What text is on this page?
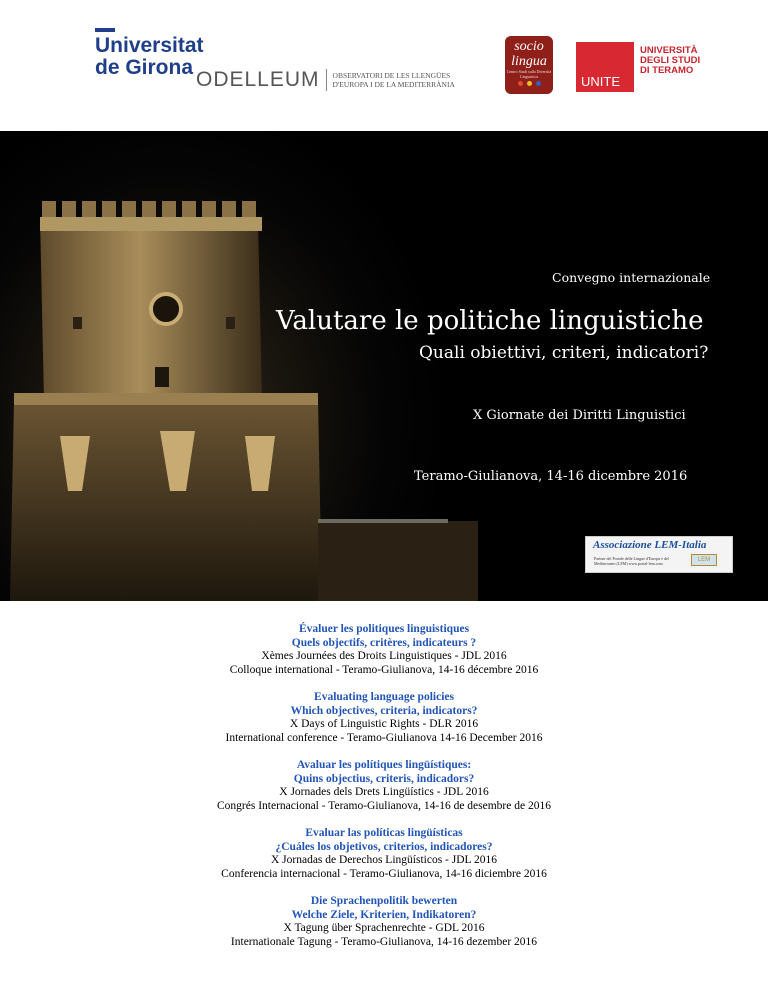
Universitat
de Girona
ODELLEUM OBSERVATORI DE LES LLENGÜES
D'EUROPA I DE LA MEDITERRÀNIA
socio
lingua
Centro Studi sulla Diversità Linguistica	UNITE
UNIVERSITÀ
DEGLI STUDI
DI TERAMO
Convegno internazionale
Valutare le politiche linguistiche
Quali obiettivi, criteri, indicatori?
X Giornate dei Diritti Linguistici
Teramo-Giulianova, 14-16 dicembre 2016
Associazione LEM-Italia
Partner del Portale delle Lingue d'Europa e del Mediterraneo (LEM) www.portal-lem.com
LEM
Évaluer les politiques linguistiques
Quels objectifs, critères, indicateurs ?
Xèmes Journées des Droits Linguistiques - JDL 2016
Colloque international - Teramo-Giulianova, 14-16 décembre 2016
Evaluating language policies
Which objectives, criteria, indicators?
X Days of Linguistic Rights - DLR 2016
International conference - Teramo-Giulianova 14-16 December 2016
Avaluar les polítiques lingüístiques:
Quins objectius, criteris, indicadors?
X Jornades dels Drets Lingüístics - JDL 2016
Congrés Internacional - Teramo-Giulianova, 14-16 de desembre de 2016
Evaluar las políticas lingüísticas
¿Cuáles los objetivos, criterios, indicadores?
X Jornadas de Derechos Lingüísticos - JDL 2016
Conferencia internacional - Teramo-Giulianova, 14-16 diciembre 2016
Die Sprachenpolitik bewerten
Welche Ziele, Kriterien, Indikatoren?
X Tagung über Sprachenrechte - GDL 2016
Internationale Tagung - Teramo-Giulianova, 14-16 dezember 2016
